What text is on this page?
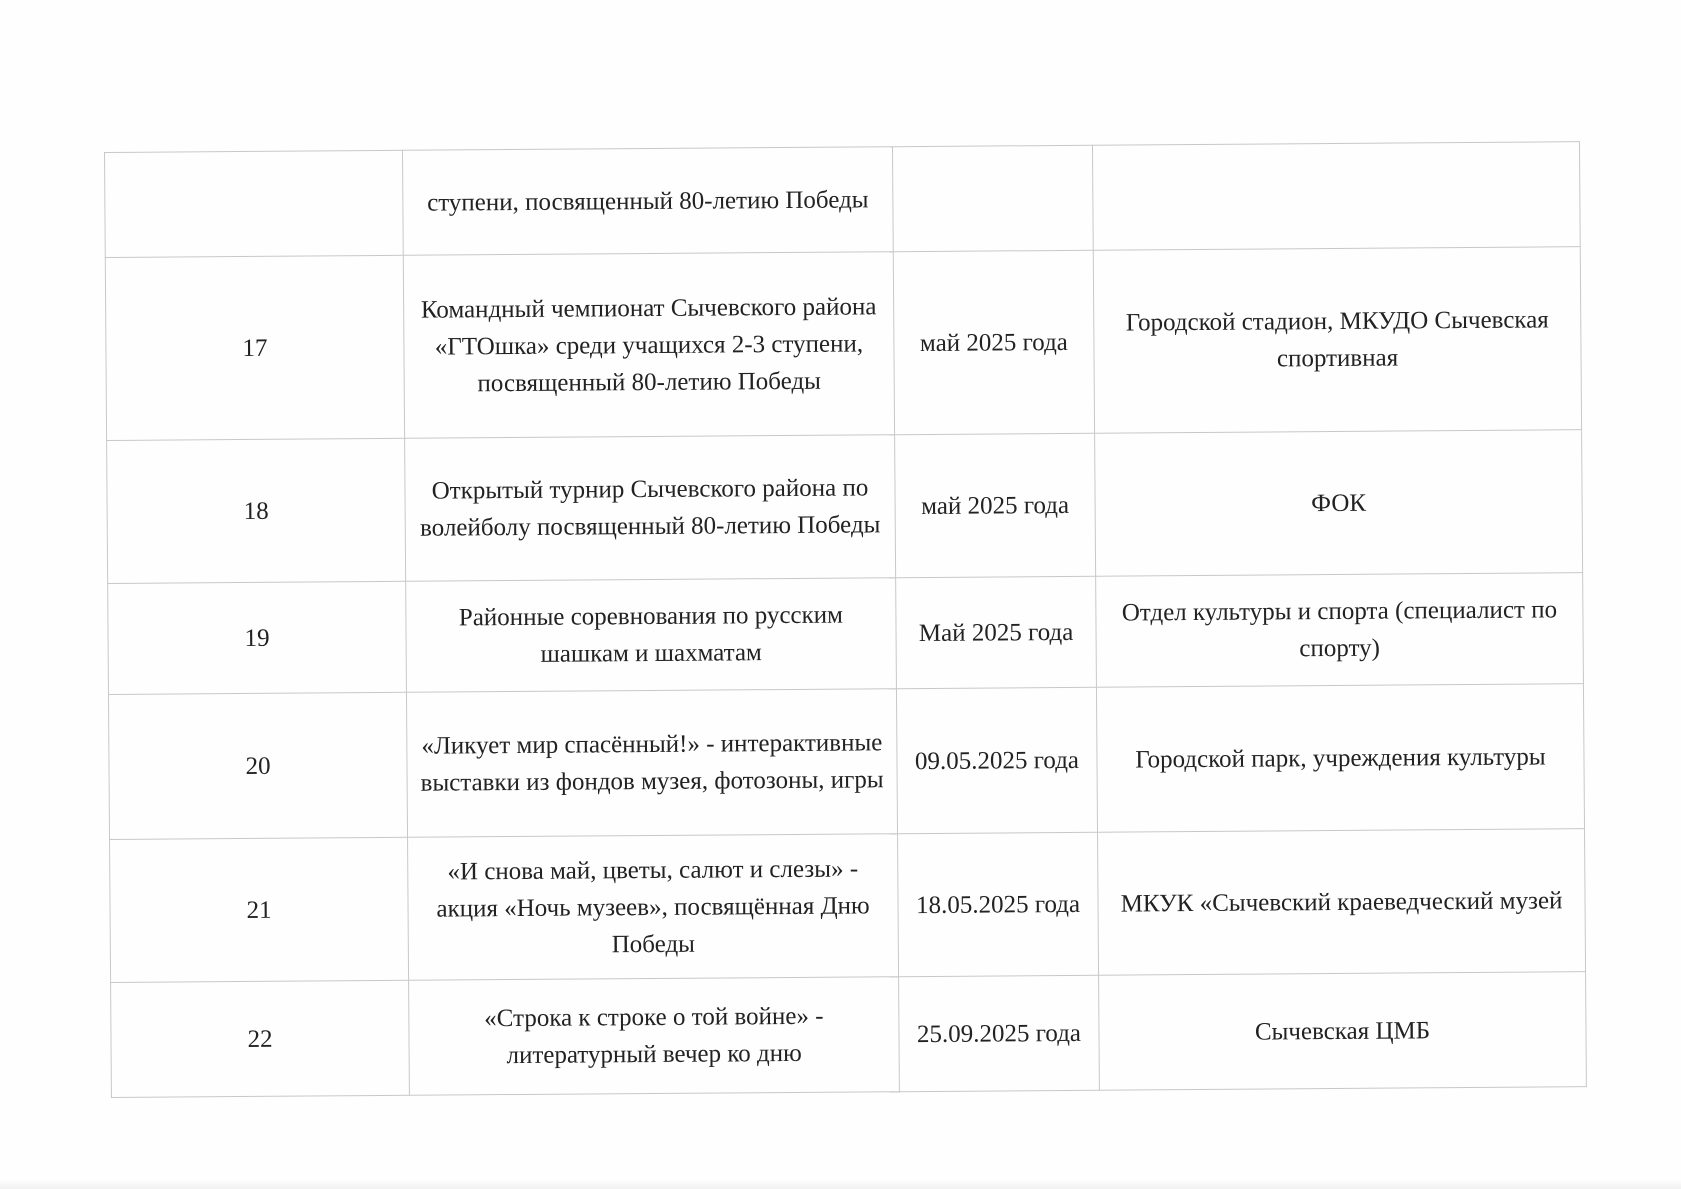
	ступени, посвященный 80-летию Победы		
17	Командный чемпионат Сычевского района «ГТОшка» среди учащихся 2-3 ступени, посвященный 80-летию Победы	май 2025 года	Городской стадион, МКУДО Сычевская спортивная
18	Открытый турнир Сычевского района по волейболу посвященный 80-летию Победы	май 2025 года	ФОК
19	Районные соревнования по русским шашкам и шахматам	Май 2025 года	Отдел культуры и спорта (специалист по спорту)
20	«Ликует мир спасённый!» - интерактивные выставки из фондов музея, фотозоны, игры	09.05.2025 года	Городской парк, учреждения культуры
21	«И снова май, цветы, салют и слезы» - акция «Ночь музеев», посвящённая Дню Победы	18.05.2025 года	МКУК «Сычевский краеведческий музей
22	«Строка к строке о той войне» - литературный вечер ко дню	25.09.2025 года	Сычевская ЦМБ
